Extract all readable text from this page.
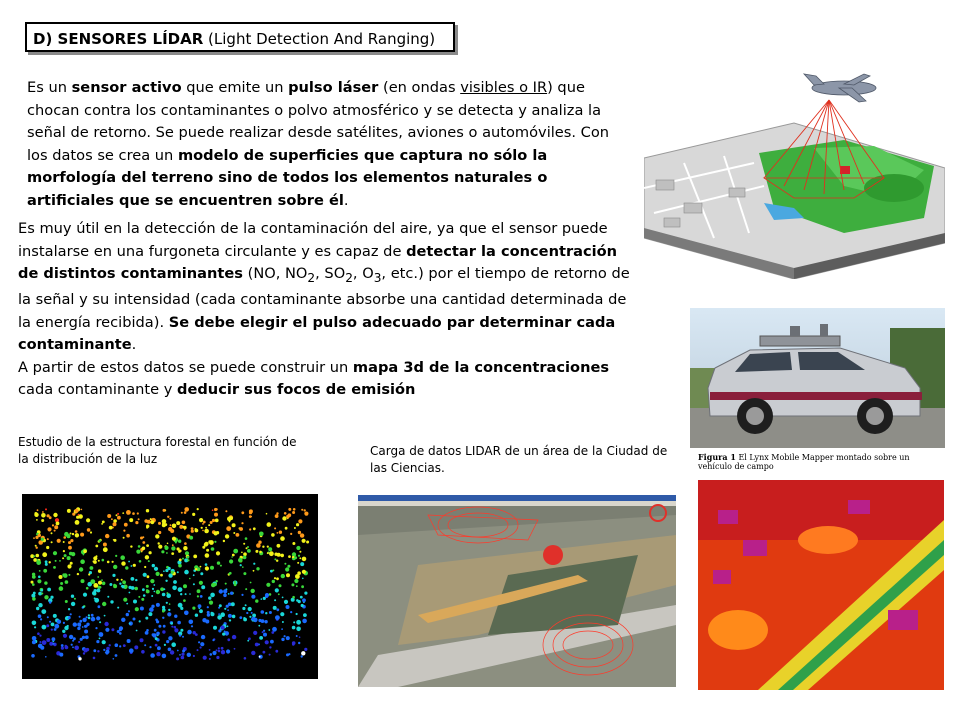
D) SENSORES LÍDAR (Light Detection And Ranging)
Es un sensor activo que emite un pulso láser (en ondas visibles o IR) que chocan contra los contaminantes o polvo atmosférico y se detecta y analiza la señal de retorno. Se puede realizar desde satélites, aviones o automóviles. Con los datos se crea un modelo de superficies que captura no sólo la morfología del terreno sino de todos los elementos naturales o artificiales que se encuentren sobre él.
Es muy útil en la detección de la contaminación del aire, ya que el sensor puede instalarse en una furgoneta circulante y es capaz de detectar la concentración de distintos contaminantes (NO, $NO_2$, $SO_2$, $O_3$, etc.) por el tiempo de retorno de la señal y su intensidad (cada contaminante absorbe una cantidad determinada de la energía recibida). Se debe elegir el pulso adecuado par determinar cada contaminante.
A partir de estos datos se puede construir un mapa 3d de la concentraciones cada contaminante y deducir sus focos de emisión
Estudio de la estructura forestal en función de la distribución de la luz
Carga de datos LIDAR de un área de la Ciudad de las Ciencias.
Figura 1 El Lynx Mobile Mapper montado sobre un vehículo de campo
